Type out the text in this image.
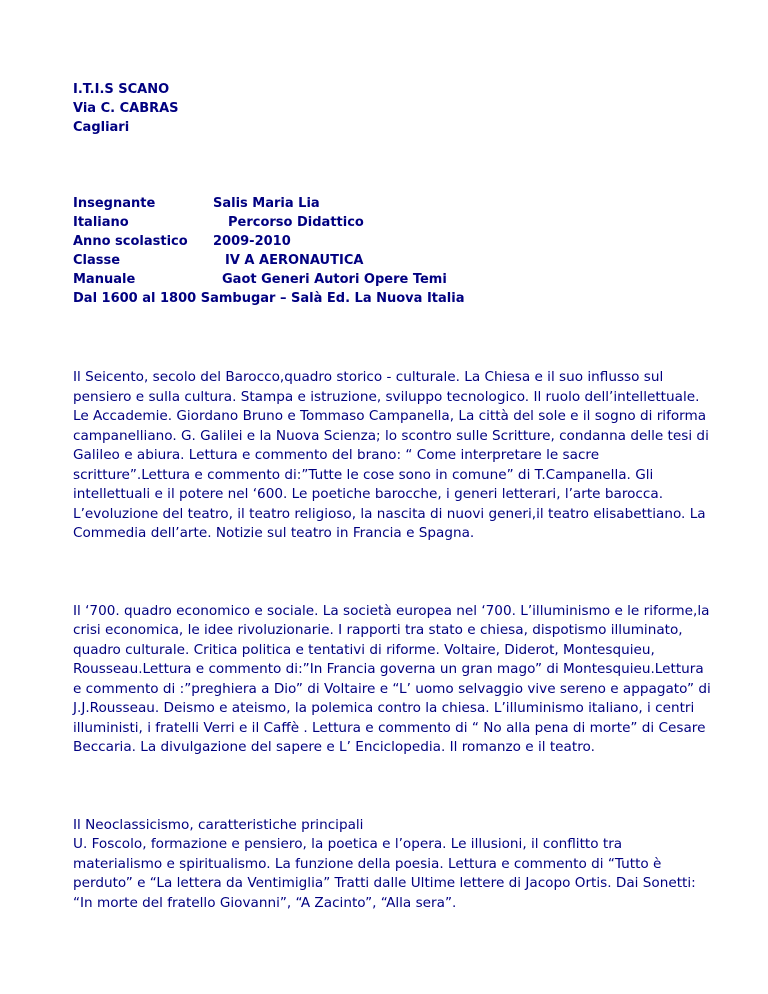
I.T.I.S SCANO
Via C. CABRAS
Cagliari
Insegnante	Salis Maria Lia
Italiano	Percorso Didattico
Anno scolastico 2009-2010
Classe	IV A AERONAUTICA
Manuale	Gaot Generi Autori Opere Temi
Dal 1600 al 1800 Sambugar – Salà Ed. La Nuova Italia

Il Seicento, secolo del Barocco,quadro storico - culturale. La Chiesa e il suo influsso sul pensiero e sulla cultura. Stampa e istruzione, sviluppo tecnologico. Il ruolo dell’intellettuale. Le Accademie. Giordano Bruno e Tommaso Campanella, La città del sole e il sogno di riforma campanelliano. G. Galilei e la Nuova Scienza; lo scontro sulle Scritture, condanna delle tesi di Galileo e abiura. Lettura e commento del brano: “ Come interpretare le sacre scritture”.Lettura e commento di:”Tutte le cose sono in comune” di T.Campanella. Gli intellettuali e il potere nel ‘600. Le poetiche barocche, i generi letterari, l’arte barocca. L’evoluzione del teatro, il teatro religioso, la nascita di nuovi generi,il teatro elisabettiano. La Commedia dell’arte. Notizie sul teatro in Francia e Spagna.

Il ‘700. quadro economico e sociale. La società europea nel ‘700. L’illuminismo e le riforme,la crisi economica, le idee rivoluzionarie. I rapporti tra stato e chiesa, dispotismo illuminato, quadro culturale. Critica politica e tentativi di riforme. Voltaire, Diderot, Montesquieu, Rousseau.Lettura e commento di:”In Francia governa un gran mago” di Montesquieu.Lettura e commento di :”preghiera a Dio” di Voltaire e “L’ uomo selvaggio vive sereno e appagato” di J.J.Rousseau. Deismo e ateismo, la polemica contro la chiesa. L’illuminismo italiano, i centri illuministi, i fratelli Verri e il Caffè . Lettura e commento di “ No alla pena di morte” di Cesare Beccaria. La divulgazione del sapere e L’ Enciclopedia. Il romanzo e il teatro.

Il Neoclassicismo, caratteristiche principali

U. Foscolo, formazione e pensiero, la poetica e l’opera. Le illusioni, il conflitto tra materialismo e spiritualismo. La funzione della poesia. Lettura e commento di “Tutto è perduto” e “La lettera da Ventimiglia” Tratti dalle Ultime lettere di Jacopo Ortis. Dai Sonetti: “In morte del fratello Giovanni”, “A Zacinto”, “Alla sera”.
